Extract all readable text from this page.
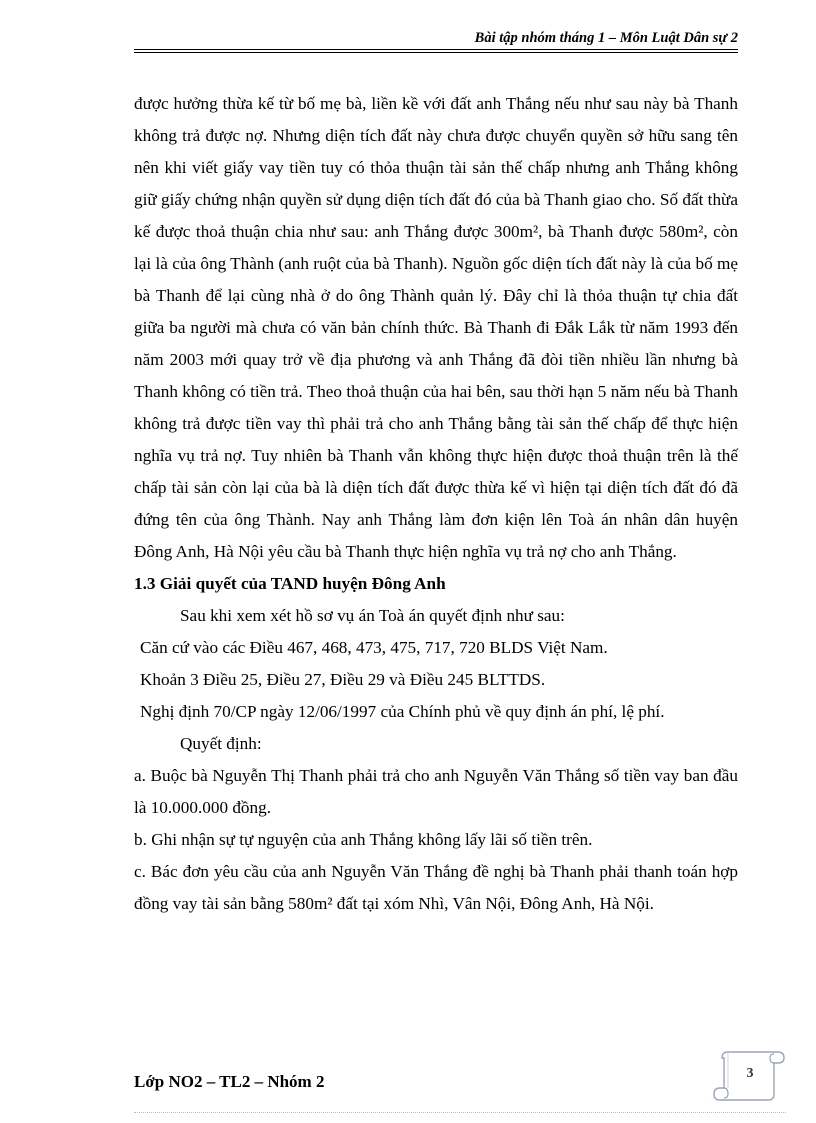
Bài tập nhóm tháng 1 – Môn Luật Dân sự 2

được hưởng thừa kế từ bố mẹ bà, liền kề với đất anh Thắng nếu như sau này bà Thanh không trả được nợ. Nhưng diện tích đất này chưa được chuyển quyền sở hữu sang tên nên khi viết giấy vay tiền tuy có thỏa thuận tài sản thế chấp nhưng anh Thắng không giữ giấy chứng nhận quyền sử dụng diện tích đất đó của bà Thanh giao cho. Số đất thừa kế được thoả thuận chia như sau: anh Thắng được 300m², bà Thanh được 580m², còn lại là của ông Thành (anh ruột của bà Thanh). Nguồn gốc diện tích đất này là của bố mẹ bà Thanh để lại cùng nhà ở do ông Thành quản lý. Đây chỉ là thỏa thuận tự chia đất giữa ba người mà chưa có văn bản chính thức. Bà Thanh đi Đắk Lắk từ năm 1993 đến năm 2003 mới quay trở về địa phương và anh Thắng đã đòi tiền nhiều lần nhưng bà Thanh không có tiền trả. Theo thoả thuận của hai bên, sau thời hạn 5 năm nếu bà Thanh không trả được tiền vay thì phải trả cho anh Thắng bằng tài sản thế chấp để thực hiện nghĩa vụ trả nợ. Tuy nhiên bà Thanh vẫn không thực hiện được thoả thuận trên là thế chấp tài sản còn lại của bà là diện tích đất được thừa kế vì hiện tại diện tích đất đó đã đứng tên của ông Thành. Nay anh Thắng làm đơn kiện lên Toà án nhân dân huyện Đông Anh, Hà Nội yêu cầu bà Thanh thực hiện nghĩa vụ trả nợ cho anh Thắng.

1.3 Giải quyết của TAND huyện Đông Anh

Sau khi xem xét hồ sơ vụ án Toà án quyết định như sau:

Căn cứ vào các Điều 467, 468, 473, 475, 717, 720 BLDS Việt Nam.

Khoản 3 Điều 25, Điều 27, Điều 29 và Điều 245 BLTTDS.

Nghị định 70/CP ngày 12/06/1997 của Chính phủ về quy định án phí, lệ phí.

Quyết định:

a. Buộc bà Nguyễn Thị Thanh phải trả cho anh Nguyễn Văn Thắng số tiền vay ban đầu là 10.000.000 đồng.

b. Ghi nhận sự tự nguyện của anh Thắng không lấy lãi số tiền trên.

c. Bác đơn yêu cầu của anh Nguyễn Văn Thắng đề nghị bà Thanh phải thanh toán hợp đồng vay tài sản bằng 580m² đất tại xóm Nhì, Vân Nội, Đông Anh, Hà Nội.

Lớp NO2 – TL2 – Nhóm 2	3
